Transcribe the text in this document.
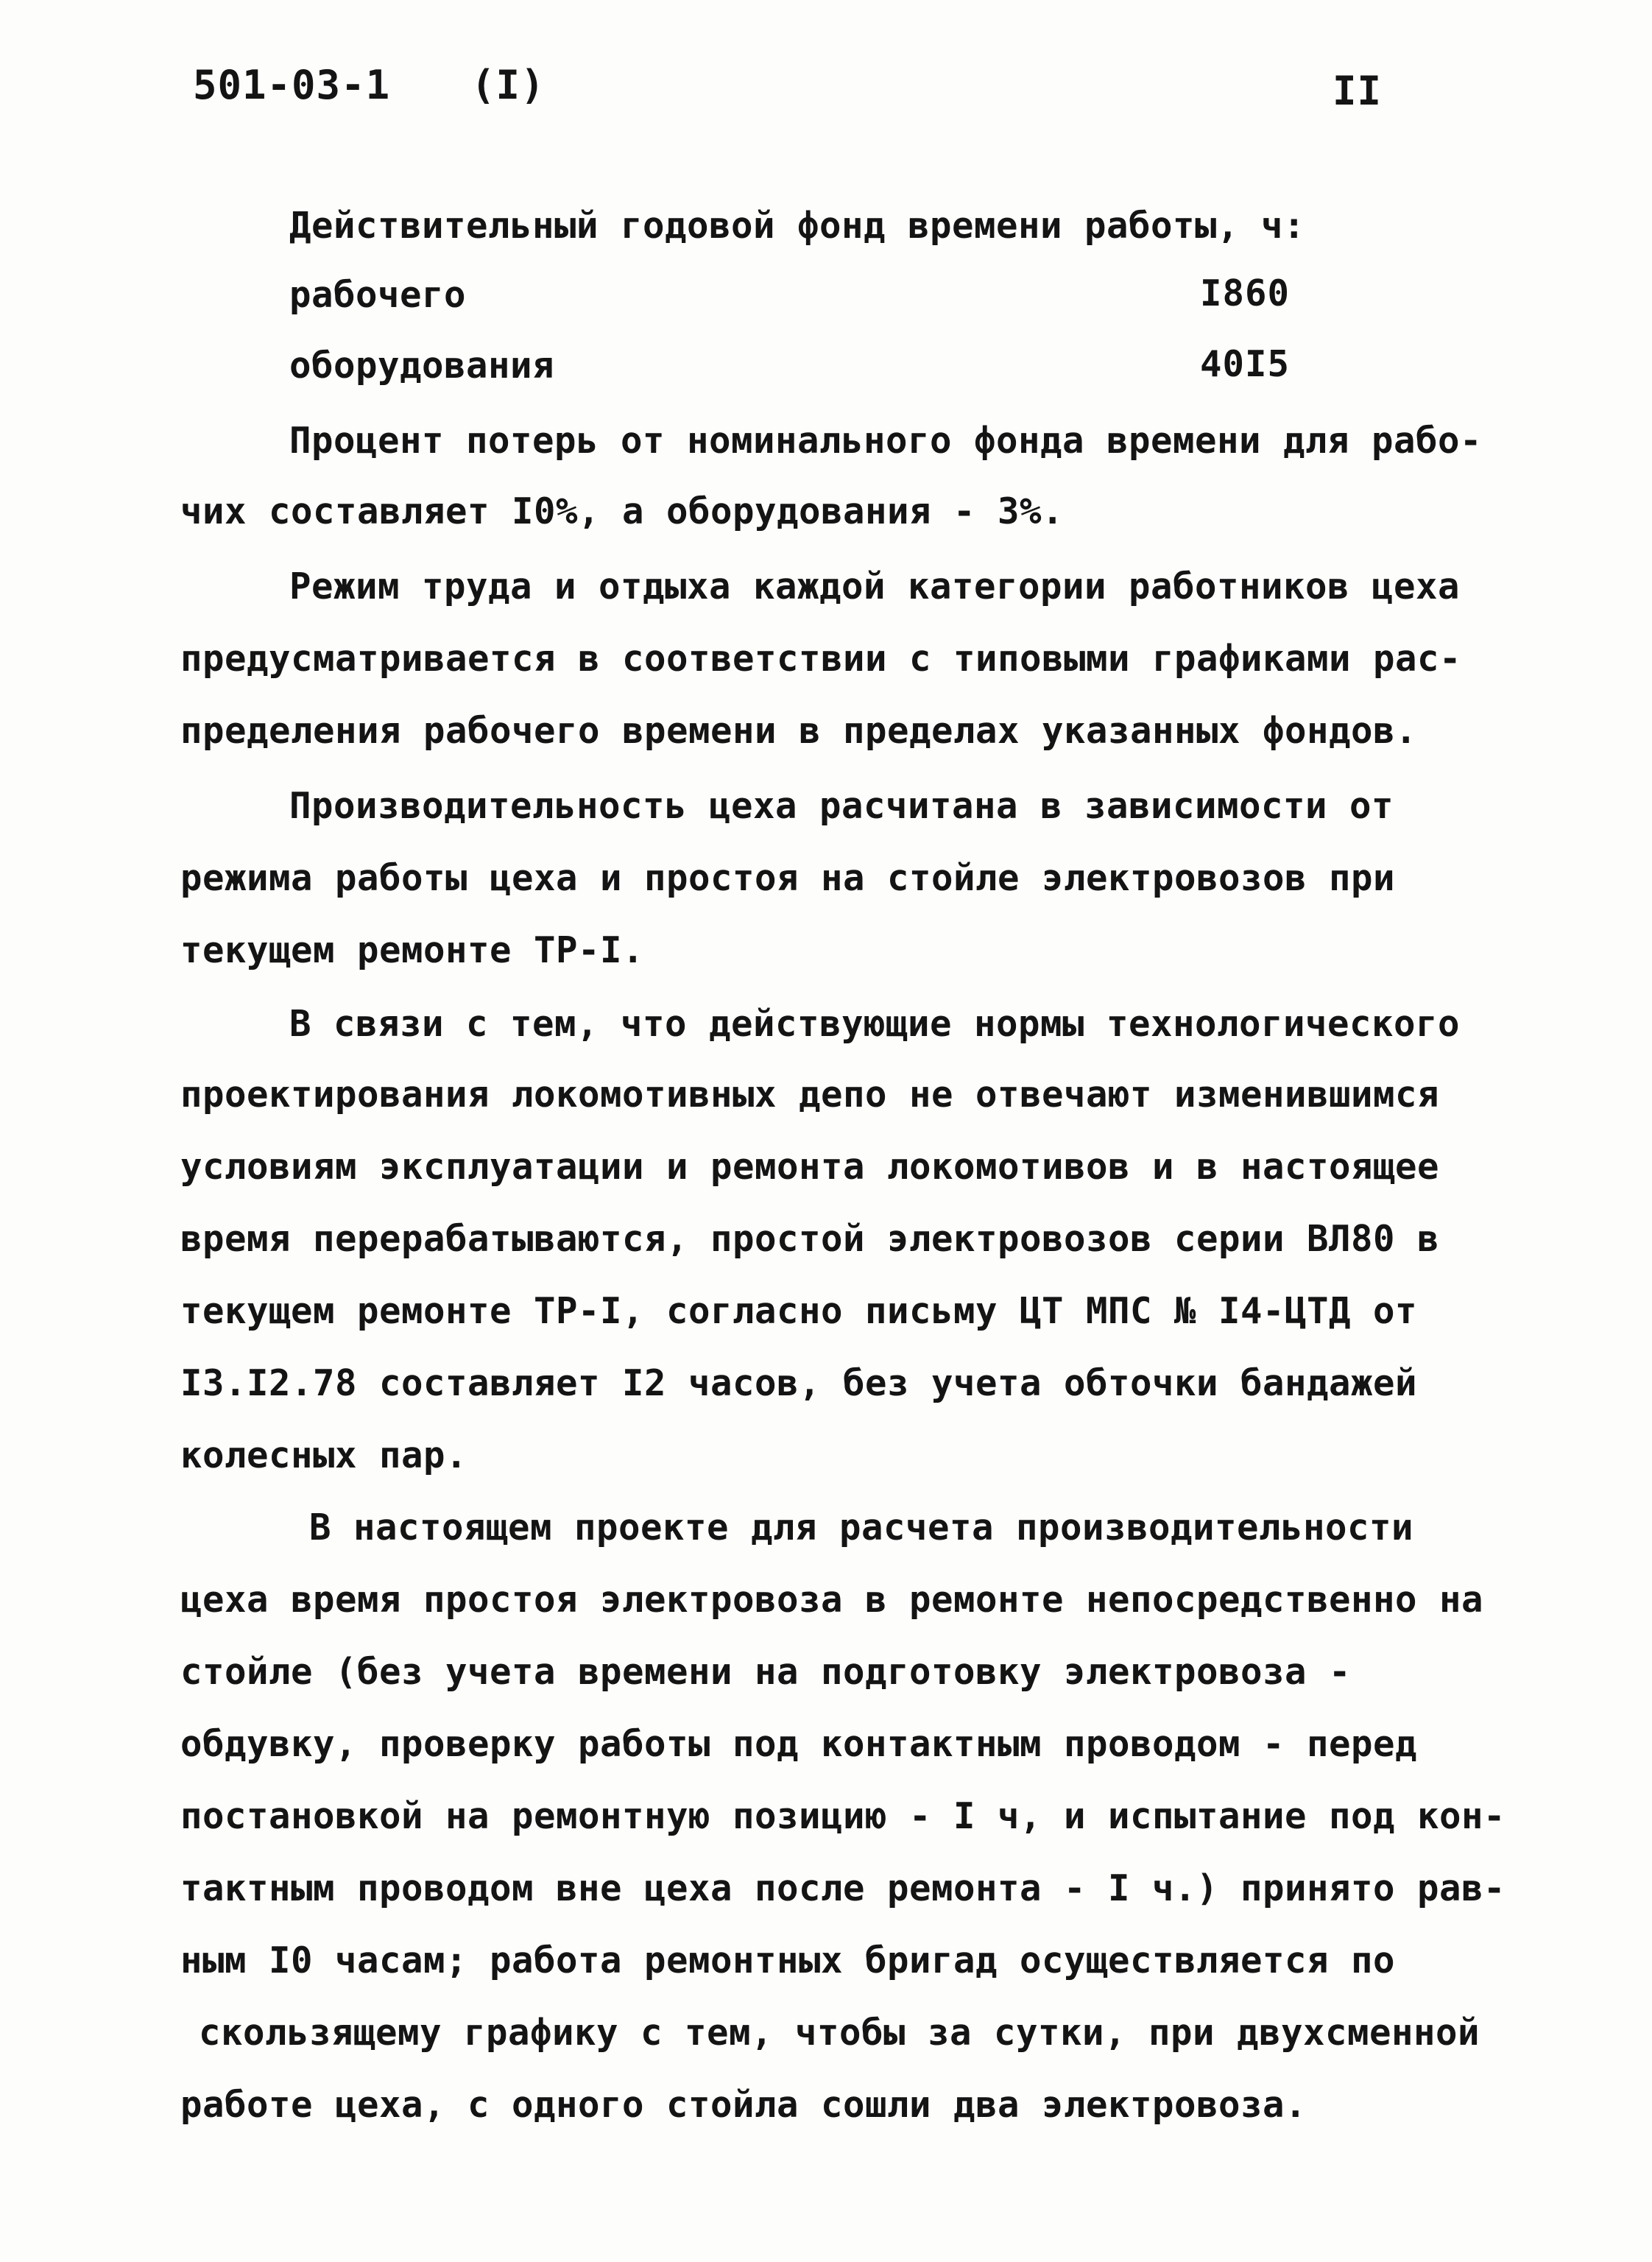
501-03-1 (I)	II
Действительный годовой фонд времени работы, ч:
рабочего	I860
оборудования	40I5
Процент потерь от номинального фонда времени для рабо-
чих составляет I0%, а оборудования - 3%.
Режим труда и отдыха каждой категории работников цеха
предусматривается в соответствии с типовыми графиками рас-
пределения рабочего времени в пределах указанных фондов.
Производительность цеха расчитана в зависимости от
режима работы цеха и простоя на стойле электровозов при
текущем ремонте ТР-I.
В связи с тем, что действующие нормы технологического
проектирования локомотивных депо не отвечают изменившимся
условиям эксплуатации и ремонта локомотивов и в настоящее
время перерабатываются, простой электровозов серии ВЛ80 в
текущем ремонте ТР-I, согласно письму ЦТ МПС № I4-ЦТД от
I3.I2.78 составляет I2 часов, без учета обточки бандажей
колесных пар.
В настоящем проекте для расчета производительности
цеха время простоя электровоза в ремонте непосредственно на
стойле (без учета времени на подготовку электровоза -
обдувку, проверку работы под контактным проводом - перед
постановкой на ремонтную позицию - I ч, и испытание под кон-
тактным проводом вне цеха после ремонта - I ч.) принято рав-
ным I0 часам; работа ремонтных бригад осуществляется по
скользящему графику с тем, чтобы за сутки, при двухсменной
работе цеха, с одного стойла сошли два электровоза.
